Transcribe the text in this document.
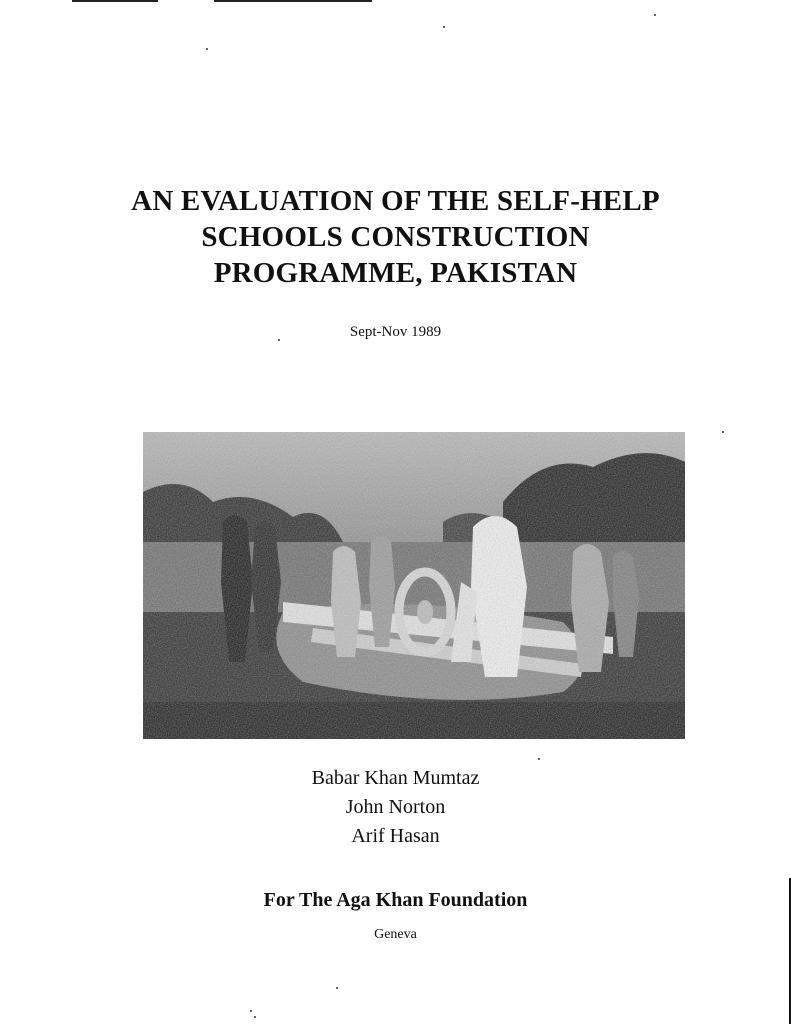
AN EVALUATION OF THE SELF-HELP
SCHOOLS CONSTRUCTION
PROGRAMME, PAKISTAN
Sept-Nov 1989
Babar Khan Mumtaz
John Norton
Arif Hasan
For The Aga Khan Foundation
Geneva
